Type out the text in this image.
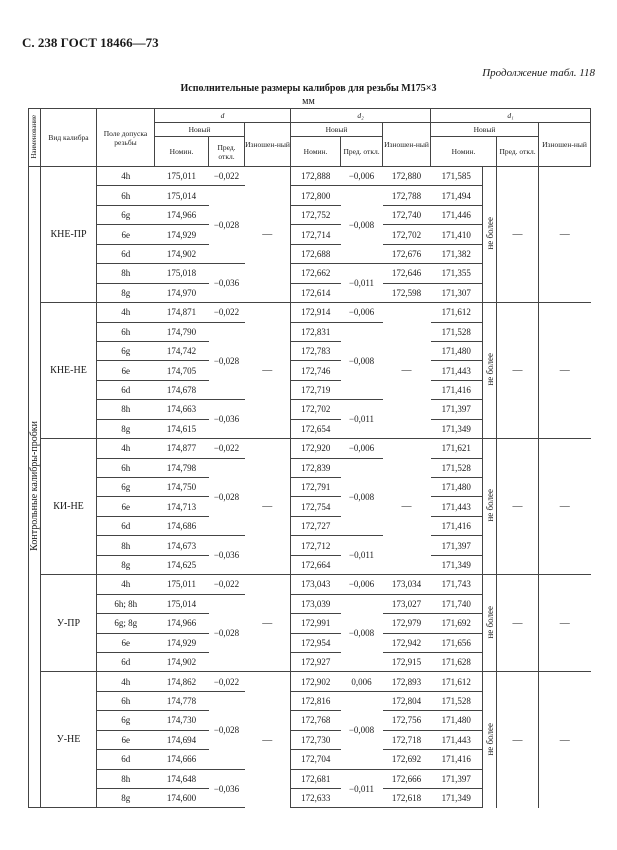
С. 238 ГОСТ 18466—73
Продолжение табл. 118
Исполнительные размеры калибров для резьбы М175×3
мм
Наименование	Вид калибра	Поле допуска резьбы	d			d₂			d₁			
			Новый		Изношен-ный	Новый		Изношен-ный	Новый			Изношен-ный
			Номин.	Пред. откл.		Номин.	Пред. откл.		Номин.		Пред. откл.	
Контрольные калибры-пробки	КНЕ-ПР	4h	175,011	−0,022	—	172,888	−0,006	172,880	171,585	не более	—	—
		6h	175,014	−0,028		172,800	−0,008	172,788	171,494			
		6g	174,966			172,752		172,740	171,446			
		6e	174,929			172,714		172,702	171,410			
		6d	174,902			172,688		172,676	171,382			
		8h	175,018	−0,036		172,662	−0,011	172,646	171,355			
		8g	174,970			172,614		172,598	171,307			
	КНЕ-НЕ	4h	174,871	−0,022	—	172,914	−0,006	—	171,612	не более	—	—
		6h	174,790	−0,028		172,831	−0,008		171,528			
		6g	174,742			172,783			171,480			
		6e	174,705			172,746			171,443			
		6d	174,678			172,719			171,416			
		8h	174,663	−0,036		172,702	−0,011		171,397			
		8g	174,615			172,654			171,349			
	КИ-НЕ	4h	174,877	−0,022	—	172,920	−0,006	—	171,621	не более	—	—
		6h	174,798	−0,028		172,839	−0,008		171,528			
		6g	174,750			172,791			171,480			
		6e	174,713			172,754			171,443			
		6d	174,686			172,727			171,416			
		8h	174,673	−0,036		172,712	−0,011		171,397			
		8g	174,625			172,664			171,349			
	У-ПР	4h	175,011	−0,022	—	173,043	−0,006	173,034	171,743	не более	—	—
		6h; 8h	175,014	−0,028		173,039	−0,008	173,027	171,740			
		6g; 8g	174,966			172,991		172,979	171,692			
		6e	174,929			172,954		172,942	171,656			
		6d	174,902			172,927		172,915	171,628			
	У-НЕ	4h	174,862	−0,022	—	172,902	0,006	172,893	171,612	не более	—	—
		6h	174,778	−0,028		172,816	−0,008	172,804	171,528			
		6g	174,730			172,768		172,756	171,480			
		6e	174,694			172,730		172,718	171,443			
		6d	174,666			172,704		172,692	171,416			
		8h	174,648	−0,036		172,681	−0,011	172,666	171,397			
		8g	174,600			172,633		172,618	171,349			
